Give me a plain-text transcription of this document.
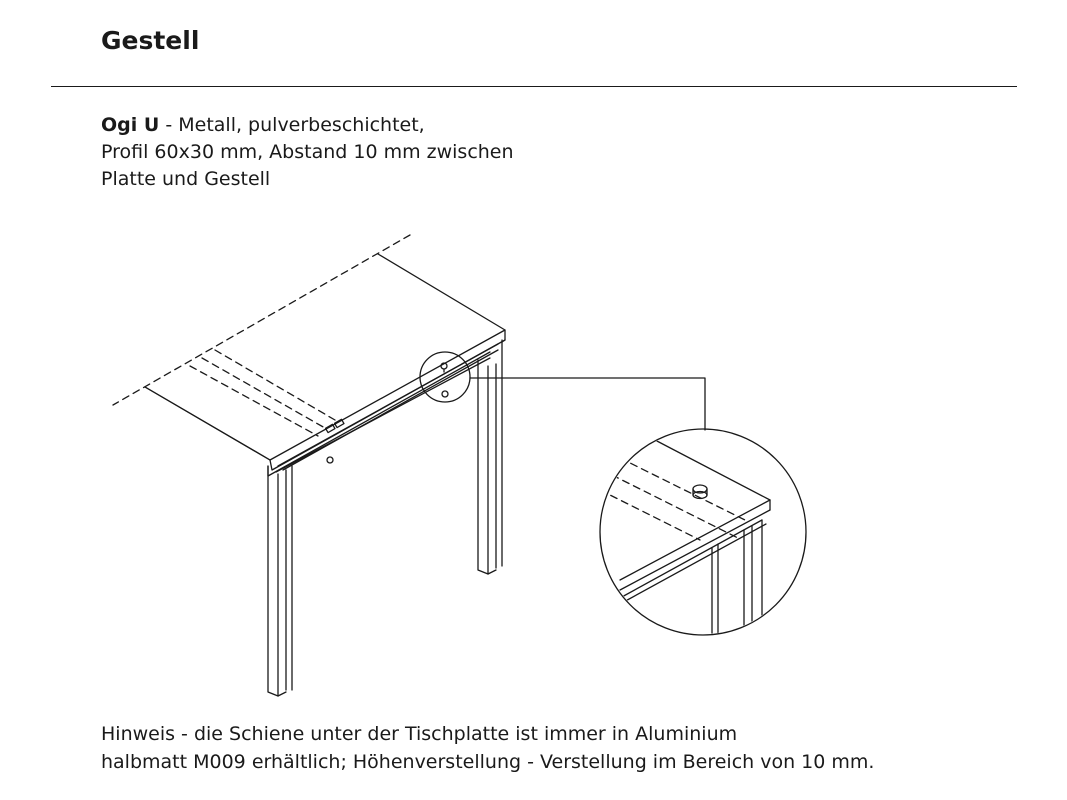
Gestell

Ogi U - Metall, pulverbeschichtet,
Profil 60x30 mm, Abstand 10 mm zwischen
Platte und Gestell

Hinweis - die Schiene unter der Tischplatte ist immer in Aluminium
halbmatt M009 erhältlich; Höhenverstellung - Verstellung im Bereich von 10 mm.
